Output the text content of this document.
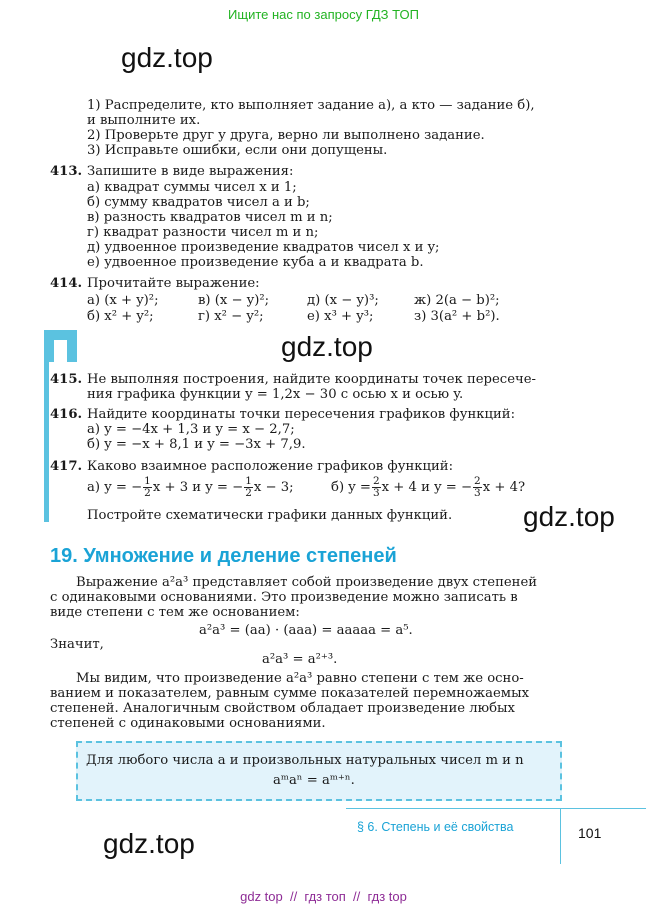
Ищите нас по запросу ГДЗ ТОП
gdz.top
1) Распределите, кто выполняет задание а), а кто — задание б),
и выполните их.
2) Проверьте друг у друга, верно ли выполнено задание.
3) Исправьте ошибки, если они допущены.
413. Запишите в виде выражения:
а) квадрат суммы чисел x и 1;
б) сумму квадратов чисел a и b;
в) разность квадратов чисел m и n;
г) квадрат разности чисел m и n;
д) удвоенное произведение квадратов чисел x и y;
е) удвоенное произведение куба a и квадрата b.
414. Прочитайте выражение:
а) (x + y)²;	в) (x − y)²;	д) (x − y)³;	ж) 2(a − b)²;
б) x² + y²;	г) x² − y²;	е) x³ + y³;	з) 3(a² + b²).
gdz.top
415. Не выполняя построения, найдите координаты точек пересече-
ния графика функции y = 1,2x − 30 с осью x и осью y.
416. Найдите координаты точки пересечения графиков функций:
а) y = −4x + 1,3 и y = x − 2,7;
б) y = −x + 8,1 и y = −3x + 7,9.
417. Каково взаимное расположение графиков функций:
а) y = − $\frac{1}{2}$ x + 3 и y = − $\frac{1}{2}$ x − 3;	б) $y = \frac{2}{3}$ x + 4 и y = − $\frac{2}{3}$ x + 4?
Постройте схематически графики данных функций.	gdz.top
19. Умножение и деление степеней
Выражение a²a³ представляет собой произведение двух степеней
с одинаковыми основаниями. Это произведение можно записать в
виде степени с тем же основанием:
a²a³ = (aa) · (aaa) = aaaaa = a⁵.
Значит,
a²a³ = a²⁺³.
Мы видим, что произведение a²a³ равно степени с тем же осно-
ванием и показателем, равным сумме показателей перемножаемых
степеней. Аналогичным свойством обладает произведение любых
степеней с одинаковыми основаниями.
Для любого числа a и произвольных натуральных чисел m и n
aᵐaⁿ = aᵐ⁺ⁿ.
§ 6. Степень и её свойства	101
gdz.top
gdz top  //  гдз топ  //  гдз top
